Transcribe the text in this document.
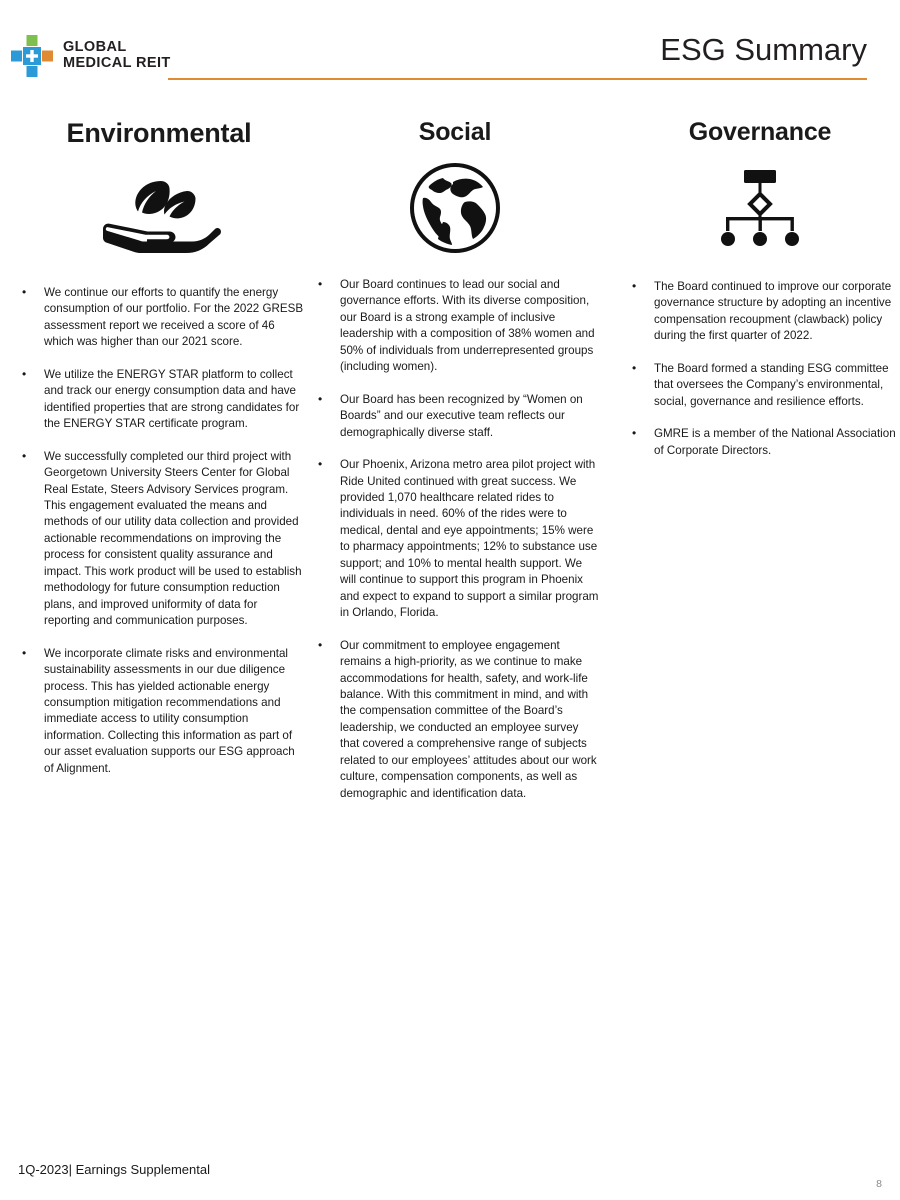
GLOBAL
MEDICAL REIT	ESG Summary
Environmental
• We continue our efforts to quantify the energy consumption of our portfolio. For the 2022 GRESB assessment report we received a score of 46 which was higher than our 2021 score.
• We utilize the ENERGY STAR platform to collect and track our energy consumption data and have identified properties that are strong candidates for the ENERGY STAR certificate program.
• We successfully completed our third project with Georgetown University Steers Center for Global Real Estate, Steers Advisory Services program. This engagement evaluated the means and methods of our utility data collection and provided actionable recommendations on improving the process for consistent quality assurance and impact. This work product will be used to establish methodology for future consumption reduction plans, and improved uniformity of data for reporting and communication purposes.
• We incorporate climate risks and environmental sustainability assessments in our due diligence process. This has yielded actionable energy consumption mitigation recommendations and immediate access to utility consumption information. Collecting this information as part of our asset evaluation supports our ESG approach of Alignment.
Social
• Our Board continues to lead our social and governance efforts. With its diverse composition, our Board is a strong example of inclusive leadership with a composition of 38% women and 50% of individuals from underrepresented groups (including women).
• Our Board has been recognized by “Women on Boards” and our executive team reflects our demographically diverse staff.
• Our Phoenix, Arizona metro area pilot project with Ride United continued with great success. We provided 1,070 healthcare related rides to individuals in need. 60% of the rides were to medical, dental and eye appointments; 15% were to pharmacy appointments; 12% to substance use support; and 10% to mental health support. We will continue to support this program in Phoenix and expect to expand to support a similar program in Orlando, Florida.
• Our commitment to employee engagement remains a high-priority, as we continue to make accommodations for health, safety, and work-life balance. With this commitment in mind, and with the compensation committee of the Board’s leadership, we conducted an employee survey that covered a comprehensive range of subjects related to our employees’ attitudes about our work culture, compensation components, as well as demographic and identification data.
Governance
• The Board continued to improve our corporate governance structure by adopting an incentive compensation recoupment (clawback) policy during the first quarter of 2022.
• The Board formed a standing ESG committee that oversees the Company’s environmental, social, governance and resilience efforts.
• GMRE is a member of the National Association of Corporate Directors.
1Q-2023| Earnings Supplemental
8
